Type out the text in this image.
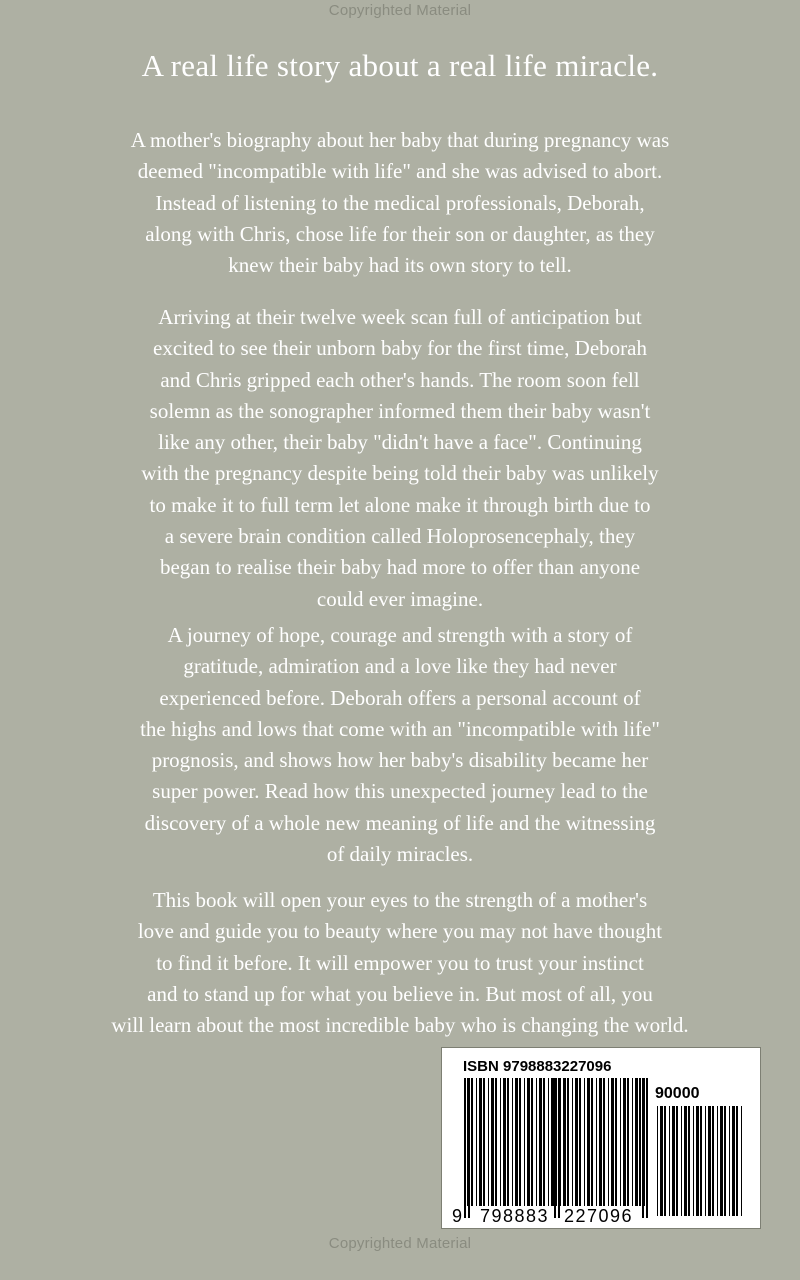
Copyrighted Material
A real life story about a real life miracle.

A mother's biography about her baby that during pregnancy was
deemed "incompatible with life" and she was advised to abort.
Instead of listening to the medical professionals, Deborah,
along with Chris, chose life for their son or daughter, as they
knew their baby had its own story to tell.

Arriving at their twelve week scan full of anticipation but
excited to see their unborn baby for the first time, Deborah
and Chris gripped each other's hands. The room soon fell
solemn as the sonographer informed them their baby wasn't
like any other, their baby "didn't have a face". Continuing
with the pregnancy despite being told their baby was unlikely
to make it to full term let alone make it through birth due to
a severe brain condition called Holoprosencephaly, they
began to realise their baby had more to offer than anyone
could ever imagine.

A journey of hope, courage and strength with a story of
gratitude, admiration and a love like they had never
experienced before. Deborah offers a personal account of
the highs and lows that come with an "incompatible with life"
prognosis, and shows how her baby's disability became her
super power. Read how this unexpected journey lead to the
discovery of a whole new meaning of life and the witnessing
of daily miracles.

This book will open your eyes to the strength of a mother's
love and guide you to beauty where you may not have thought
to find it before. It will empower you to trust your instinct
and to stand up for what you believe in. But most of all, you
will learn about the most incredible baby who is changing the world.

ISBN 9798883227096
90000
9 798883 227096
Copyrighted Material
